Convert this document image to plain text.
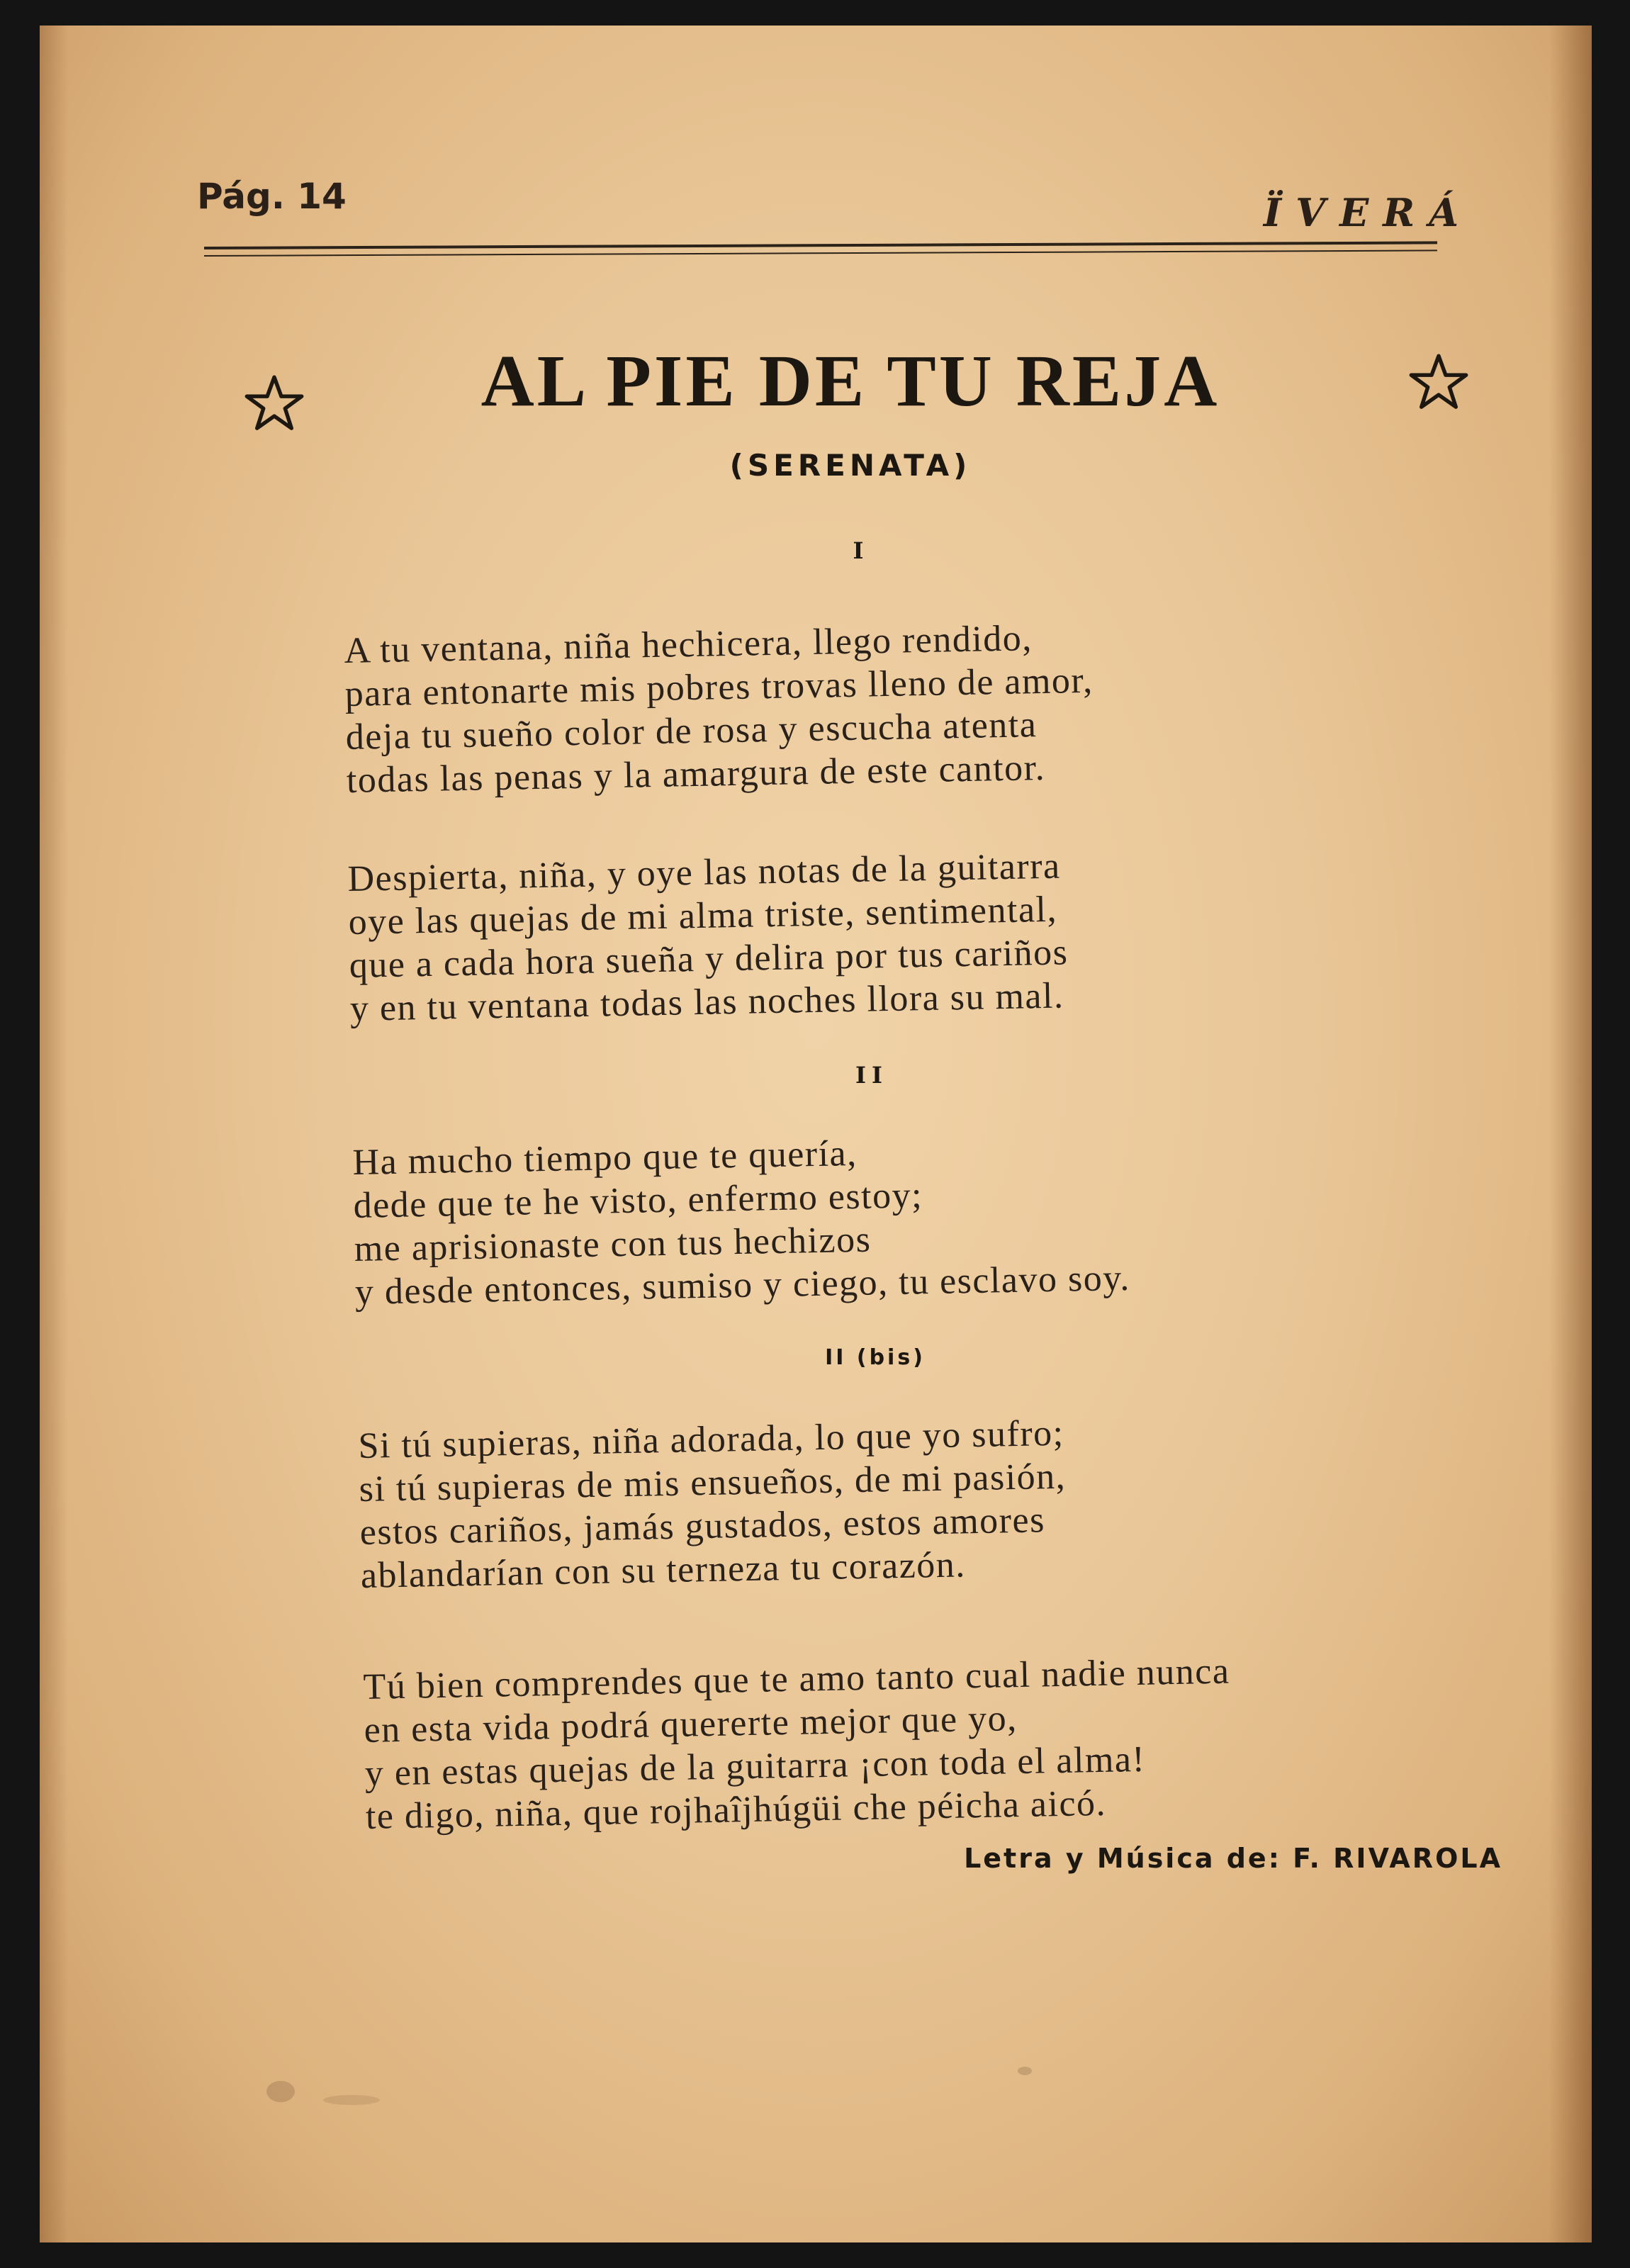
Pág. 14	ÏVERÁ
AL PIE DE TU REJA
(SERENATA)
I
A tu ventana, niña hechicera, llego rendido,
para entonarte mis pobres trovas lleno de amor,
deja tu sueño color de rosa y escucha atenta
todas las penas y la amargura de este cantor.
Despierta, niña, y oye las notas de la guitarra
oye las quejas de mi alma triste, sentimental,
que a cada hora sueña y delira por tus cariños
y en tu ventana todas las noches llora su mal.
II
Ha mucho tiempo que te quería,
dede que te he visto, enfermo estoy;
me aprisionaste con tus hechizos
y desde entonces, sumiso y ciego, tu esclavo soy.
II (bis)
Si tú supieras, niña adorada, lo que yo sufro;
si tú supieras de mis ensueños, de mi pasión,
estos cariños, jamás gustados, estos amores
ablandarían con su terneza tu corazón.
Tú bien comprendes que te amo tanto cual nadie nunca
en esta vida podrá quererte mejor que yo,
y en estas quejas de la guitarra ¡con toda el alma!
te digo, niña, que rojhaîjhúgüi che péicha aicó.
Letra y Música de: F. RIVAROLA
